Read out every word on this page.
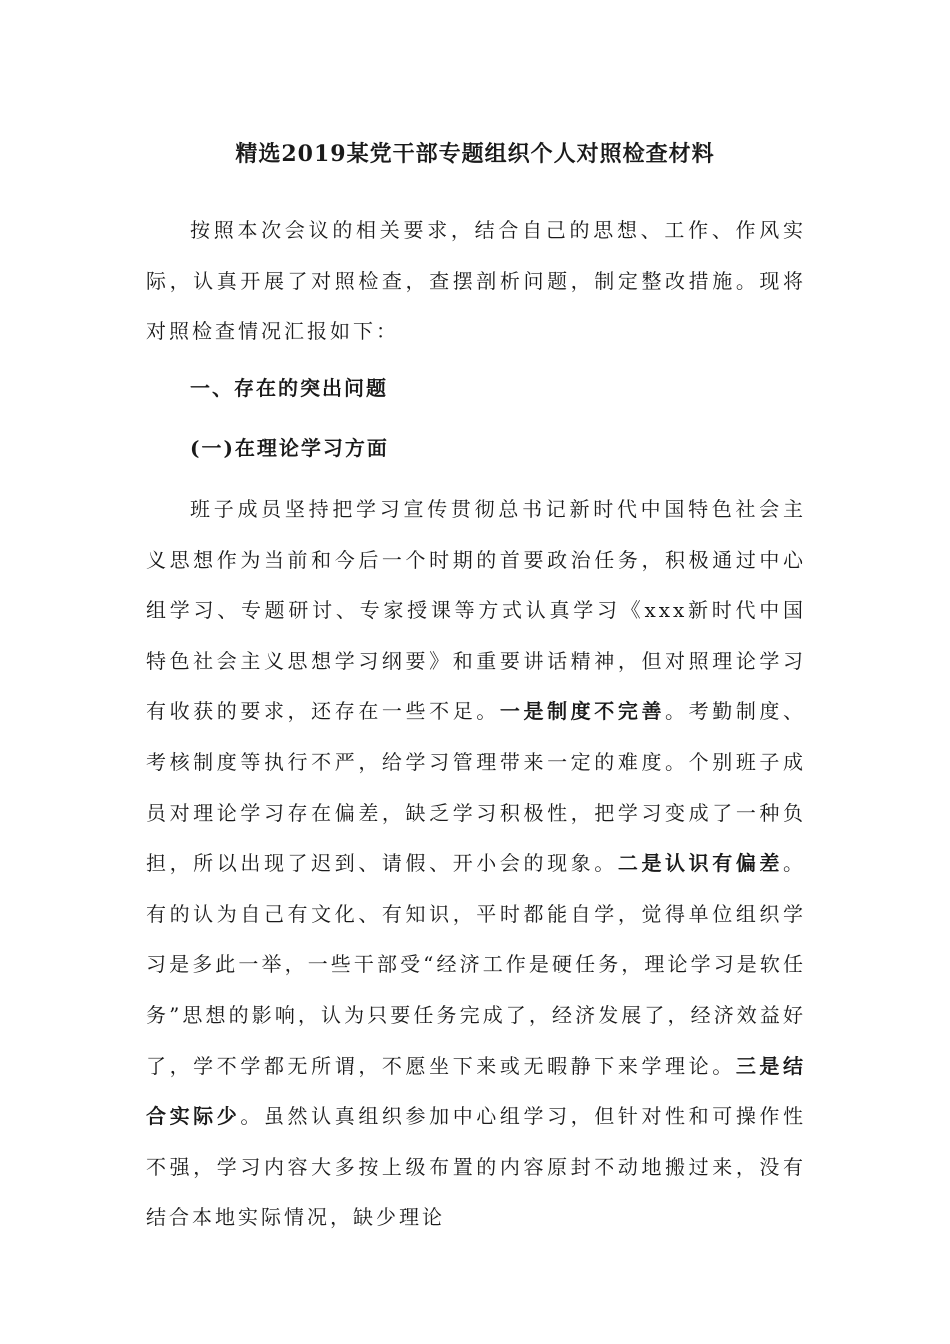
精选2019某党干部专题组织个人对照检查材料

按照本次会议的相关要求，结合自己的思想、工作、作风实际，认真开展了对照检查，查摆剖析问题，制定整改措施。现将对照检查情况汇报如下：

一、存在的突出问题
(一)在理论学习方面

班子成员坚持把学习宣传贯彻总书记新时代中国特色社会主义思想作为当前和今后一个时期的首要政治任务，积极通过中心组学习、专题研讨、专家授课等方式认真学习《xxx新时代中国特色社会主义思想学习纲要》和重要讲话精神，但对照理论学习有收获的要求，还存在一些不足。一是制度不完善。考勤制度、考核制度等执行不严，给学习管理带来一定的难度。个别班子成员对理论学习存在偏差，缺乏学习积极性，把学习变成了一种负担，所以出现了迟到、请假、开小会的现象。二是认识有偏差。有的认为自己有文化、有知识，平时都能自学，觉得单位组织学习是多此一举，一些干部受“经济工作是硬任务，理论学习是软任务”思想的影响，认为只要任务完成了，经济发展了，经济效益好了，学不学都无所谓，不愿坐下来或无暇静下来学理论。三是结合实际少。虽然认真组织参加中心组学习，但针对性和可操作性不强，学习内容大多按上级布置的内容原封不动地搬过来，没有结合本地实际情况，缺少理论
